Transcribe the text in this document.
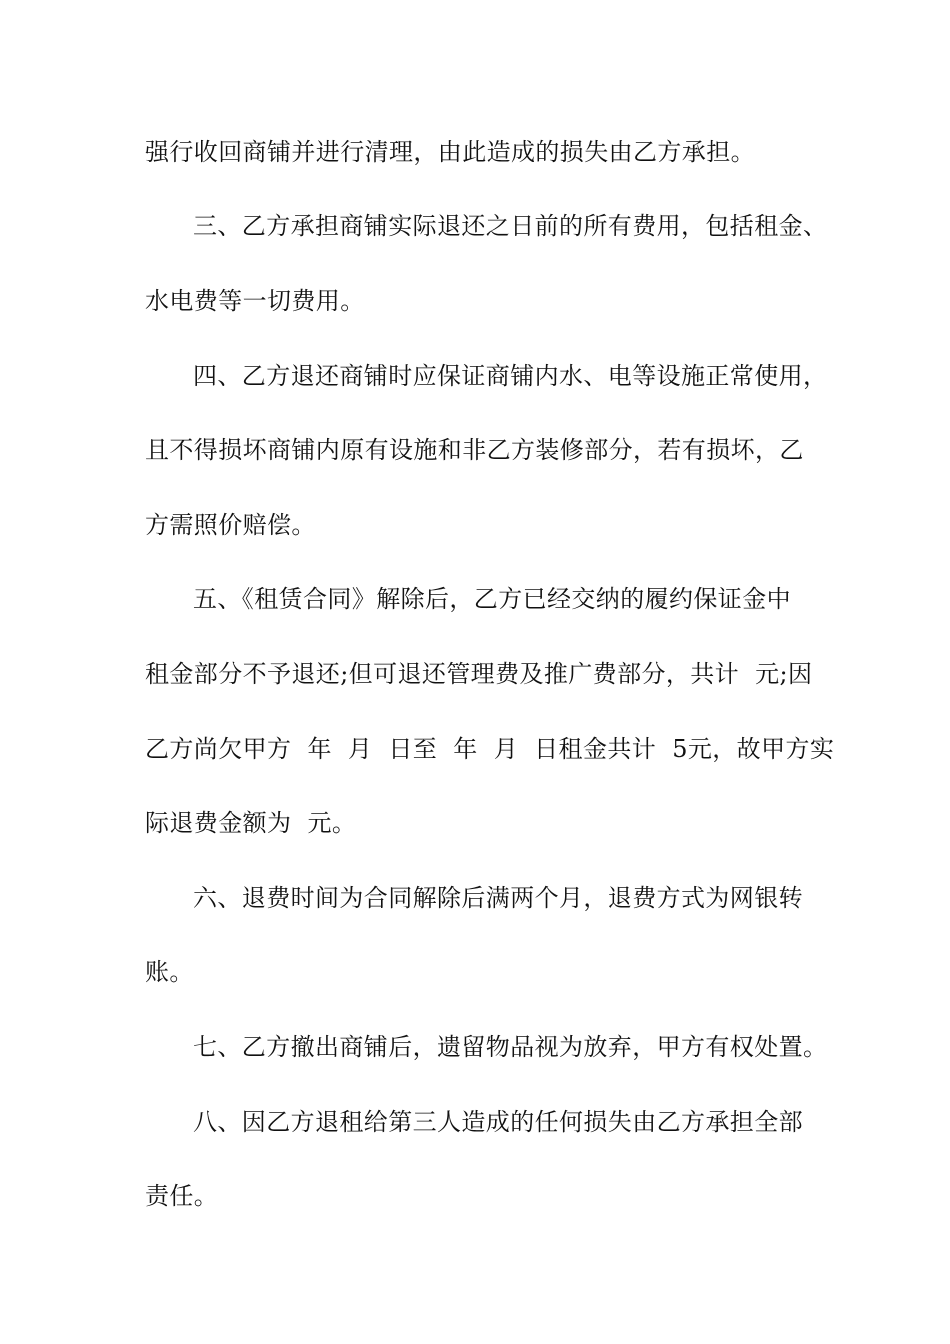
强行收回商铺并进行清理，由此造成的损失由乙方承担。
三、乙方承担商铺实际退还之日前的所有费用，包括租金、
水电费等一切费用。
四、乙方退还商铺时应保证商铺内水、电等设施正常使用，
且不得损坏商铺内原有设施和非乙方装修部分，若有损坏，乙
方需照价赔偿。
五、《租赁合同》解除后，乙方已经交纳的履约保证金中
租金部分不予退还;但可退还管理费及推广费部分，共计  元;因
乙方尚欠甲方  年  月  日至  年  月  日租金共计  5元，故甲方实
际退费金额为  元。
六、退费时间为合同解除后满两个月，退费方式为网银转
账。
七、乙方撤出商铺后，遗留物品视为放弃，甲方有权处置。
八、因乙方退租给第三人造成的任何损失由乙方承担全部
责任。
